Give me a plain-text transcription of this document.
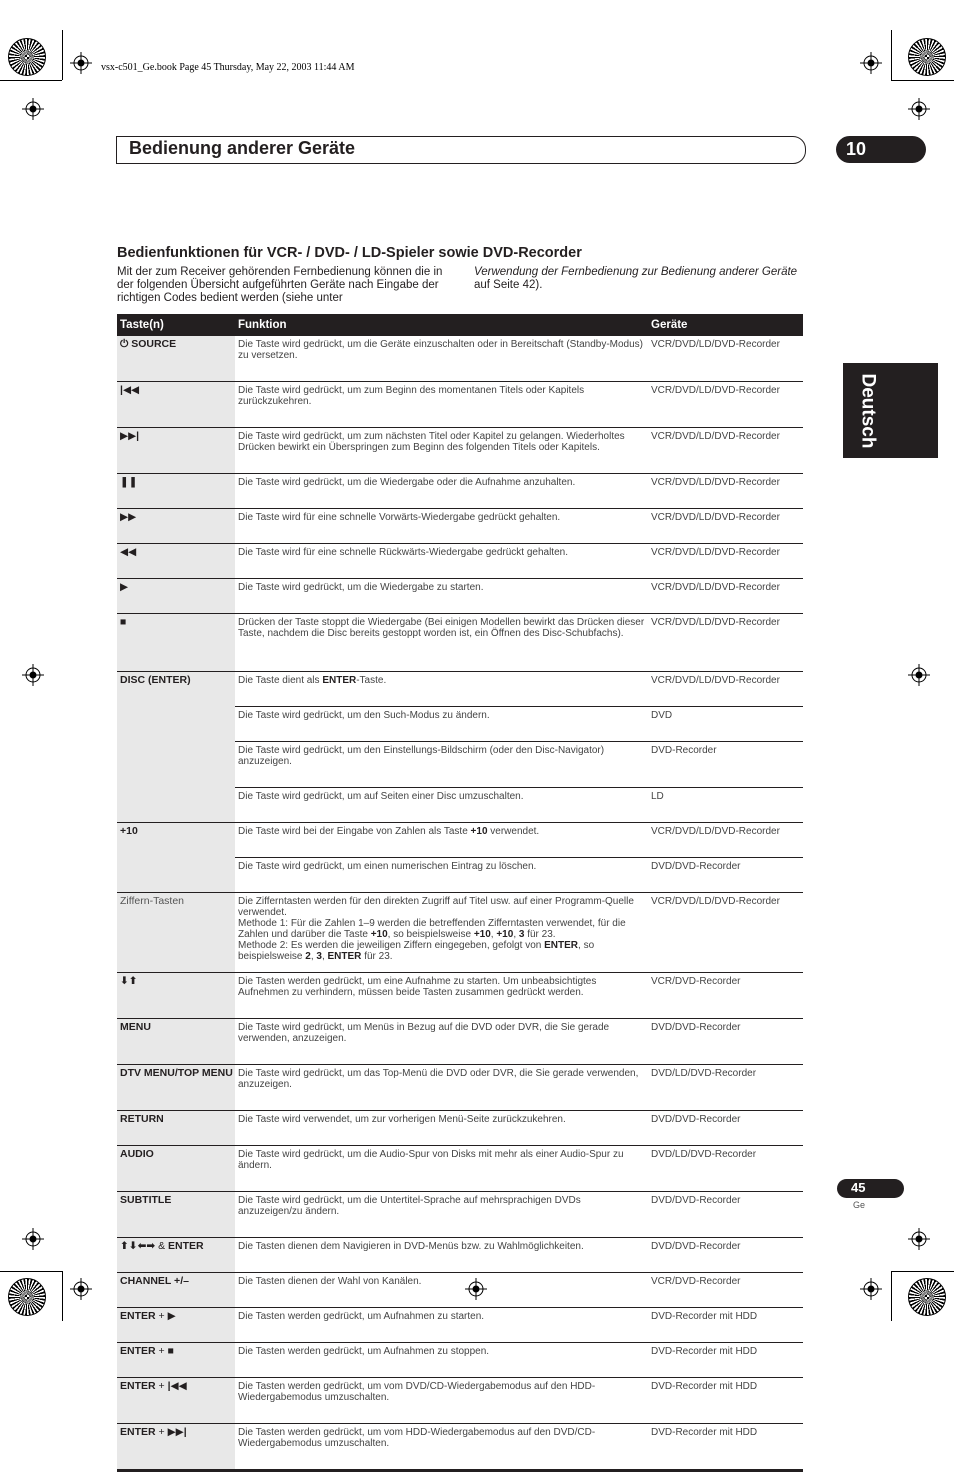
vsx-c501_Ge.book Page 45 Thursday, May 22, 2003 11:44 AM
Bedienung anderer Geräte	10
Deutsch
Bedienfunktionen für VCR- / DVD- / LD-Spieler sowie DVD-Recorder
Mit der zum Receiver gehörenden Fernbedienung können die in der folgenden Übersicht aufgeführten Geräte nach Eingabe der richtigen Codes bedient werden (siehe unter
Verwendung der Fernbedienung zur Bedienung anderer Geräte auf Seite 42).
Taste(n)	Funktion	Geräte
⏻ SOURCE	Die Taste wird gedrückt, um die Geräte einzuschalten oder in Bereitschaft (Standby-Modus) zu versetzen.	VCR/DVD/LD/DVD-Recorder
|◀◀	Die Taste wird gedrückt, um zum Beginn des momentanen Titels oder Kapitels zurückzukehren.	VCR/DVD/LD/DVD-Recorder
▶▶|	Die Taste wird gedrückt, um zum nächsten Titel oder Kapitel zu gelangen. Wiederholtes Drücken bewirkt ein Überspringen zum Beginn des folgenden Titels oder Kapitels.	VCR/DVD/LD/DVD-Recorder
❚❚	Die Taste wird gedrückt, um die Wiedergabe oder die Aufnahme anzuhalten.	VCR/DVD/LD/DVD-Recorder
▶▶	Die Taste wird für eine schnelle Vorwärts-Wiedergabe gedrückt gehalten.	VCR/DVD/LD/DVD-Recorder
◀◀	Die Taste wird für eine schnelle Rückwärts-Wiedergabe gedrückt gehalten.	VCR/DVD/LD/DVD-Recorder
▶	Die Taste wird gedrückt, um die Wiedergabe zu starten.	VCR/DVD/LD/DVD-Recorder
■	Drücken der Taste stoppt die Wiedergabe (Bei einigen Modellen bewirkt das Drücken dieser Taste, nachdem die Disc bereits gestoppt worden ist, ein Öffnen des Disc-Schubfachs).	VCR/DVD/LD/DVD-Recorder
DISC (ENTER)	Die Taste dient als ENTER-Taste.	VCR/DVD/LD/DVD-Recorder
	Die Taste wird gedrückt, um den Such-Modus zu ändern.	DVD
	Die Taste wird gedrückt, um den Einstellungs-Bildschirm (oder den Disc-Navigator) anzuzeigen.	DVD-Recorder
	Die Taste wird gedrückt, um auf Seiten einer Disc umzuschalten.	LD
+10	Die Taste wird bei der Eingabe von Zahlen als Taste +10 verwendet.	VCR/DVD/LD/DVD-Recorder
	Die Taste wird gedrückt, um einen numerischen Eintrag zu löschen.	DVD/DVD-Recorder
Ziffern-Tasten	Die Zifferntasten werden für den direkten Zugriff auf Titel usw. auf einer Programm-Quelle verwendet.
Methode 1: Für die Zahlen 1–9 werden die betreffenden Zifferntasten verwendet, für die Zahlen und darüber die Taste +10, so beispielsweise +10, +10, 3 für 23.
Methode 2: Es werden die jeweiligen Ziffern eingegeben, gefolgt von ENTER, so beispielsweise 2, 3, ENTER für 23.	VCR/DVD/LD/DVD-Recorder
⬇⬆	Die Tasten werden gedrückt, um eine Aufnahme zu starten. Um unbeabsichtigtes Aufnehmen zu verhindern, müssen beide Tasten zusammen gedrückt werden.	VCR/DVD-Recorder
MENU	Die Taste wird gedrückt, um Menüs in Bezug auf die DVD oder DVR, die Sie gerade verwenden, anzuzeigen.	DVD/DVD-Recorder
DTV MENU/TOP MENU	Die Taste wird gedrückt, um das Top-Menü die DVD oder DVR, die Sie gerade verwenden, anzuzeigen.	DVD/LD/DVD-Recorder
RETURN	Die Taste wird verwendet, um zur vorherigen Menü-Seite zurückzukehren.	DVD/DVD-Recorder
AUDIO	Die Taste wird gedrückt, um die Audio-Spur von Disks mit mehr als einer Audio-Spur zu ändern.	DVD/LD/DVD-Recorder
SUBTITLE	Die Taste wird gedrückt, um die Untertitel-Sprache auf mehrsprachigen DVDs anzuzeigen/zu ändern.	DVD/DVD-Recorder
⬆⬇⬅➡ & ENTER	Die Tasten dienen dem Navigieren in DVD-Menüs bzw. zu Wahlmöglichkeiten.	DVD/DVD-Recorder
CHANNEL +/–	Die Tasten dienen der Wahl von Kanälen.	VCR/DVD-Recorder
ENTER + ▶	Die Tasten werden gedrückt, um Aufnahmen zu starten.	DVD-Recorder mit HDD
ENTER + ■	Die Tasten werden gedrückt, um Aufnahmen zu stoppen.	DVD-Recorder mit HDD
ENTER + |◀◀	Die Tasten werden gedrückt, um vom DVD/CD-Wiedergabemodus auf den HDD-Wiedergabemodus umzuschalten.	DVD-Recorder mit HDD
ENTER + ▶▶|	Die Tasten werden gedrückt, um vom HDD-Wiedergabemodus auf den DVD/CD-Wiedergabemodus umzuschalten.	DVD-Recorder mit HDD
45
Ge
